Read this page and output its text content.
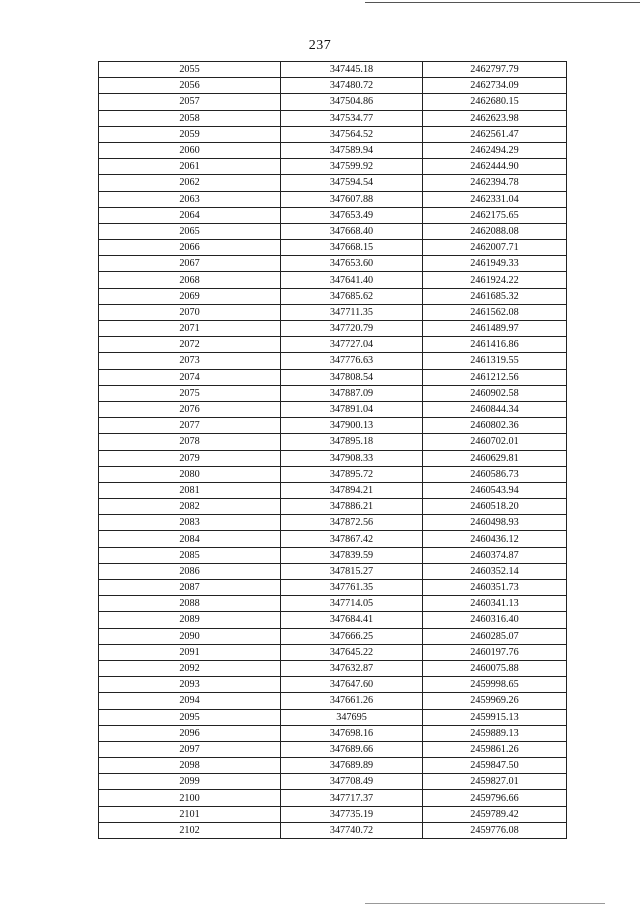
237
2055	347445.18	2462797.79
2056	347480.72	2462734.09
2057	347504.86	2462680.15
2058	347534.77	2462623.98
2059	347564.52	2462561.47
2060	347589.94	2462494.29
2061	347599.92	2462444.90
2062	347594.54	2462394.78
2063	347607.88	2462331.04
2064	347653.49	2462175.65
2065	347668.40	2462088.08
2066	347668.15	2462007.71
2067	347653.60	2461949.33
2068	347641.40	2461924.22
2069	347685.62	2461685.32
2070	347711.35	2461562.08
2071	347720.79	2461489.97
2072	347727.04	2461416.86
2073	347776.63	2461319.55
2074	347808.54	2461212.56
2075	347887.09	2460902.58
2076	347891.04	2460844.34
2077	347900.13	2460802.36
2078	347895.18	2460702.01
2079	347908.33	2460629.81
2080	347895.72	2460586.73
2081	347894.21	2460543.94
2082	347886.21	2460518.20
2083	347872.56	2460498.93
2084	347867.42	2460436.12
2085	347839.59	2460374.87
2086	347815.27	2460352.14
2087	347761.35	2460351.73
2088	347714.05	2460341.13
2089	347684.41	2460316.40
2090	347666.25	2460285.07
2091	347645.22	2460197.76
2092	347632.87	2460075.88
2093	347647.60	2459998.65
2094	347661.26	2459969.26
2095	347695	2459915.13
2096	347698.16	2459889.13
2097	347689.66	2459861.26
2098	347689.89	2459847.50
2099	347708.49	2459827.01
2100	347717.37	2459796.66
2101	347735.19	2459789.42
2102	347740.72	2459776.08
